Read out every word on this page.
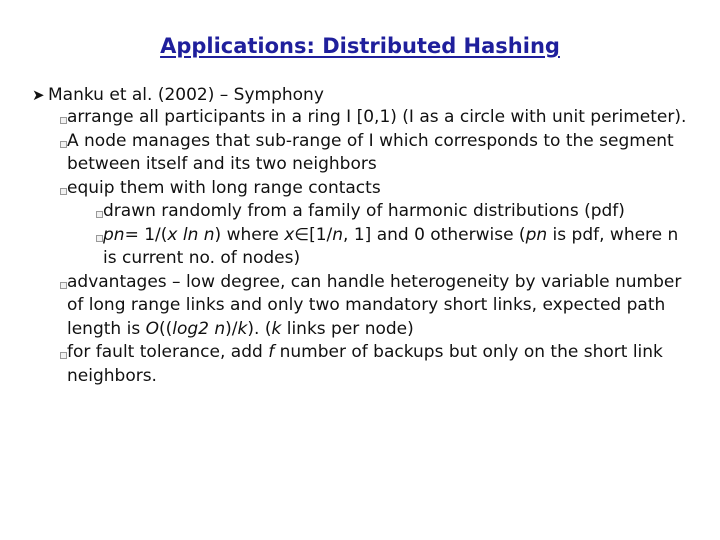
Applications: Distributed Hashing
➤ Manku et al. (2002) – Symphony
arrange all participants in a ring I [0,1) (I as a circle with unit perimeter).
A node manages that sub-range of I which corresponds to the segment between itself and its two neighbors
equip them with long range contacts
drawn randomly from a family of harmonic distributions (pdf)
pn= 1/(x ln n) where x∈[1/n, 1] and 0 otherwise (pn is pdf, where n is current no. of nodes)
advantages – low degree, can handle heterogeneity by variable number of long range links and only two mandatory short links, expected path length is O((log2 n)/k). (k links per node)
for fault tolerance, add f number of backups but only on the short link neighbors.
